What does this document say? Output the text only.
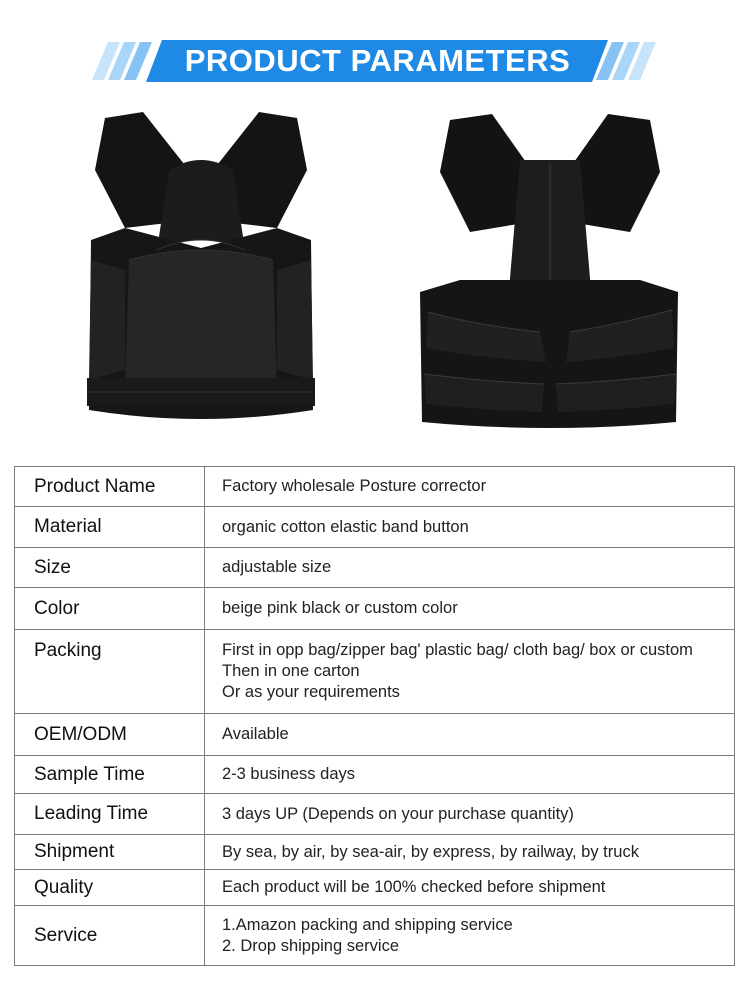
PRODUCT PARAMETERS
Product Name	Factory wholesale Posture corrector

Material	organic cotton elastic band button

Size	adjustable size

Color	beige pink black or custom color

Packing	First in opp bag/zipper bag' plastic bag/ cloth bag/ box or custom
Then in one carton
Or as your requirements

OEM/ODM	Available

Sample Time	2-3 business days

Leading Time	3 days UP (Depends on your purchase quantity)

Shipment	By sea, by air, by sea-air, by express, by railway, by truck

Quality	Each product will be 100% checked before shipment

Service	1.Amazon packing and shipping service
2. Drop shipping service
